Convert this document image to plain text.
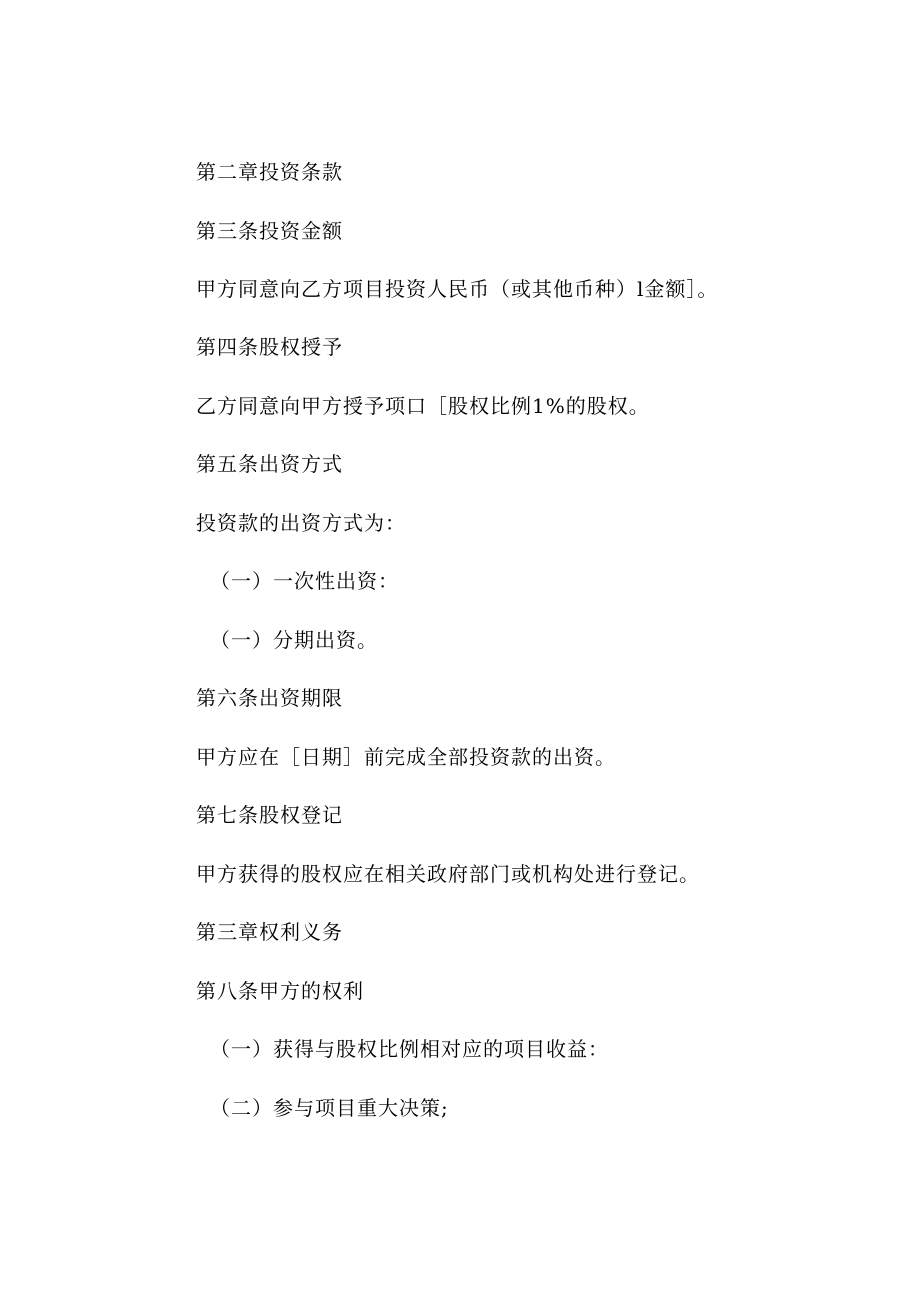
第二章投资条款
第三条投资金额
甲方同意向乙方项目投资人民币（或其他币种）l金额］。
第四条股权授予
乙方同意向甲方授予项口［股权比例1%的股权。
第五条出资方式
投资款的出资方式为：
（一）一次性出资：
（一）分期出资。
第六条出资期限
甲方应在［日期］前完成全部投资款的出资。
第七条股权登记
甲方获得的股权应在相关政府部门或机构处进行登记。
第三章权利义务
第八条甲方的权利
（一）获得与股权比例相对应的项目收益：
（二）参与项目重大决策;
